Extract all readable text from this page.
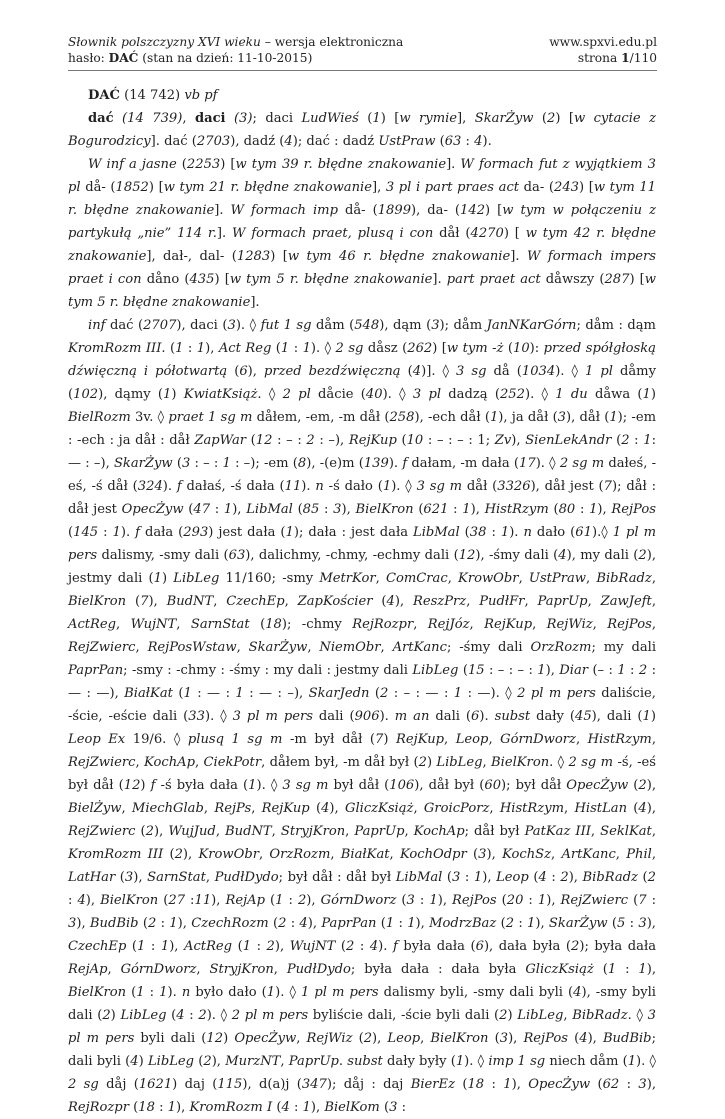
Słownik polszczyzny XVI wieku – wersja elektroniczna	www.spxvi.edu.pl
hasło: DAĆ (stan na dzień: 11-10-2015)	strona 1/110

DAĆ (14 742) vb pf

dać (14 739), daci (3); daci LudWieś (1) [w rymie], SkarŻyw (2) [w cytacie z Bogurodzicy]. dać (2703), dadź (4); dać : dadź UstPraw (63 : 4).

W inf a jasne (2253) [w tym 39 r. błędne znakowanie]. W formach fut z wyjątkiem 3 pl då- (1852) [w tym 21 r. błędne znakowanie], 3 pl i part praes act da- (243) [w tym 11 r. błędne znakowanie]. W formach imp då- (1899), da- (142) [w tym w połączeniu z partykułą „nie” 114 r.]. W formach praet, plusq i con dåł (4270) [ w tym 42 r. błędne znakowanie], dał-, dal- (1283) [w tym 46 r. błędne znakowanie]. W formach impers praet i con dåno (435) [w tym 5 r. błędne znakowanie]. part praet act dåwszy (287) [w tym 5 r. błędne znakowanie].

inf dać (2707), daci (3). ◊ fut 1 sg dåm (548), dąm (3); dåm JanNKarGórn; dåm : dąm KromRozm III. (1 : 1), Act Reg (1 : 1). ◊ 2 sg dåsz (262) [w tym -ż (10): przed spółgłoską dźwięczną i półotwartą (6), przed bezdźwięczną (4)]. ◊ 3 sg då (1034). ◊ 1 pl dåmy (102), dąmy (1) KwiatKsiąż. ◊ 2 pl dåcie (40). ◊ 3 pl dadzą (252). ◊ 1 du dåwa (1) BielRozm 3v. ◊ praet 1 sg m dåłem, -em, -m dåł (258), -ech dåł (1), ja dåł (3), dåł (1); -em : -ech : ja dåł : dåł ZapWar (12 : – : 2 : –), RejKup (10 : – : – : 1; Zv), SienLekAndr (2 : 1: — : –), SkarŻyw (3 : – : 1 : –); -em (8), -(e)m (139). f dałam, -m dała (17). ◊ 2 sg m dałeś, -eś, -ś dåł (324). f dałaś, -ś dała (11). n -ś dało (1). ◊ 3 sg m dåł (3326), dåł jest (7); dåł : dåł jest OpecŻyw (47 : 1), LibMal (85 : 3), BielKron (621 : 1), HistRzym (80 : 1), RejPos (145 : 1). f dała (293) jest dała (1); dała : jest dała LibMal (38 : 1). n dało (61).◊ 1 pl m pers dalismy, -smy dali (63), dalichmy, -chmy, -echmy dali (12), -śmy dali (4), my dali (2), jestmy dali (1) LibLeg 11/160; -smy MetrKor, ComCrac, KrowObr, UstPraw, BibRadz, BielKron (7), BudNT, CzechEp, ZapKościer (4), ReszPrz, PudłFr, PaprUp, ZawJeft, ActReg, WujNT, SarnStat (18); -chmy RejRozpr, RejJóz, RejKup, RejWiz, RejPos, RejZwierc, RejPosWstaw, SkarŻyw, NiemObr, ArtKanc; -śmy dali OrzRozm; my dali PaprPan; -smy : -chmy : -śmy : my dali : jestmy dali LibLeg (15 : – : – : 1), Diar (– : 1 : 2 : — : —), BiałKat (1 : — : 1 : — : –), SkarJedn (2 : – : — : 1 : —). ◊ 2 pl m pers daliście, -ście, -eście dali (33). ◊ 3 pl m pers dali (906). m an dali (6). subst dały (45), dali (1) Leop Ex 19/6. ◊ plusq 1 sg m -m był dåł (7) RejKup, Leop, GórnDworz, HistRzym, RejZwierc, KochAp, CiekPotr, dåłem był, -m dåł był (2) LibLeg, BielKron. ◊ 2 sg m -ś, -eś był dåł (12) f -ś była dała (1). ◊ 3 sg m był dåł (106), dåł był (60); był dåł OpecŻyw (2), BielŻyw, MiechGlab, RejPs, RejKup (4), GliczKsiąż, GroicPorz, HistRzym, HistLan (4), RejZwierc (2), WujJud, BudNT, StryjKron, PaprUp, KochAp; dåł był PatKaz III, SeklKat, KromRozm III (2), KrowObr, OrzRozm, BiałKat, KochOdpr (3), KochSz, ArtKanc, Phil, LatHar (3), SarnStat, PudłDydo; był dåł : dåł był LibMal (3 : 1), Leop (4 : 2), BibRadz (2 : 4), BielKron (27 :11), RejAp (1 : 2), GórnDworz (3 : 1), RejPos (20 : 1), RejZwierc (7 : 3), BudBib (2 : 1), CzechRozm (2 : 4), PaprPan (1 : 1), ModrzBaz (2 : 1), SkarŻyw (5 : 3), CzechEp (1 : 1), ActReg (1 : 2), WujNT (2 : 4). f była dała (6), dała była (2); była dała RejAp, GórnDworz, StryjKron, PudłDydo; była dała : dała była GliczKsiąż (1 : 1), BielKron (1 : 1). n było dało (1). ◊ 1 pl m pers dalismy byli, -smy dali byli (4), -smy byli dali (2) LibLeg (4 : 2). ◊ 2 pl m pers byliście dali, -ście byli dali (2) LibLeg, BibRadz. ◊ 3 pl m pers byli dali (12) OpecŻyw, RejWiz (2), Leop, BielKron (3), RejPos (4), BudBib; dali byli (4) LibLeg (2), MurzNT, PaprUp. subst dały były (1). ◊ imp 1 sg niech dåm (1). ◊ 2 sg dåj (1621) daj (115), d(a)j (347); dåj : daj BierEz (18 : 1), OpecŻyw (62 : 3), RejRozpr (18 : 1), KromRozm I (4 : 1), BielKom (3 :
